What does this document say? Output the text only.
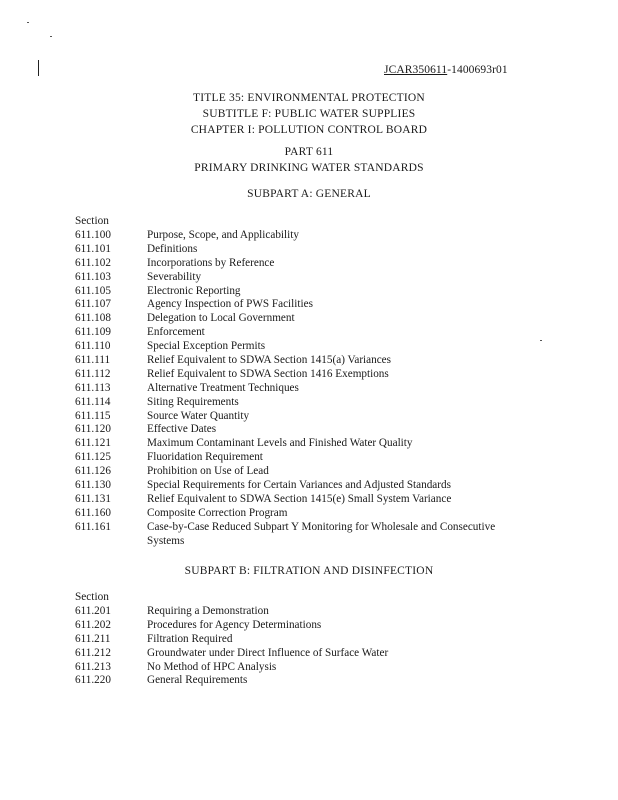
JCAR350611-1400693r01
TITLE 35: ENVIRONMENTAL PROTECTION
SUBTITLE F: PUBLIC WATER SUPPLIES
CHAPTER I: POLLUTION CONTROL BOARD
PART 611
PRIMARY DRINKING WATER STANDARDS
SUBPART A: GENERAL
Section
611.100	Purpose, Scope, and Applicability
611.101	Definitions
611.102	Incorporations by Reference
611.103	Severability
611.105	Electronic Reporting
611.107	Agency Inspection of PWS Facilities
611.108	Delegation to Local Government
611.109	Enforcement
611.110	Special Exception Permits
611.111	Relief Equivalent to SDWA Section 1415(a) Variances
611.112	Relief Equivalent to SDWA Section 1416 Exemptions
611.113	Alternative Treatment Techniques
611.114	Siting Requirements
611.115	Source Water Quantity
611.120	Effective Dates
611.121	Maximum Contaminant Levels and Finished Water Quality
611.125	Fluoridation Requirement
611.126	Prohibition on Use of Lead
611.130	Special Requirements for Certain Variances and Adjusted Standards
611.131	Relief Equivalent to SDWA Section 1415(e) Small System Variance
611.160	Composite Correction Program
611.161	Case-by-Case Reduced Subpart Y Monitoring for Wholesale and Consecutive Systems
SUBPART B: FILTRATION AND DISINFECTION
Section
611.201	Requiring a Demonstration
611.202	Procedures for Agency Determinations
611.211	Filtration Required
611.212	Groundwater under Direct Influence of Surface Water
611.213	No Method of HPC Analysis
611.220	General Requirements
